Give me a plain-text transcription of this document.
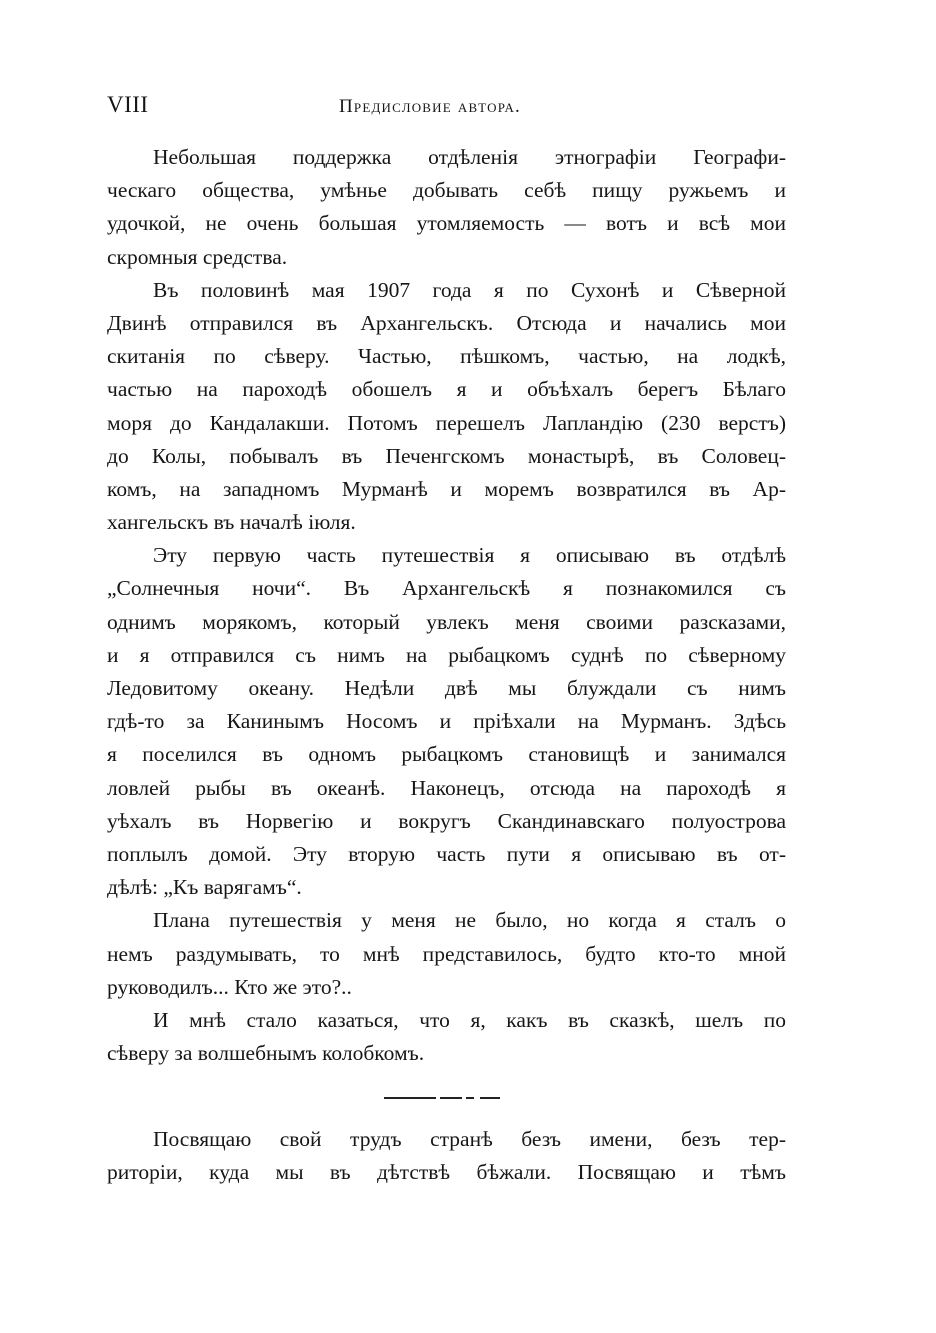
VIII	Предисловие автора.
Небольшая поддержка отдѣленія этнографіи Географи-
ческаго общества, умѣнье добывать себѣ пищу ружьемъ и
удочкой, не очень большая утомляемость — вотъ и всѣ мои
скромныя средства.
Въ половинѣ мая 1907 года я по Сухонѣ и Сѣверной
Двинѣ отправился въ Архангельскъ. Отсюда и начались мои
скитанія по сѣверу. Частью, пѣшкомъ, частью, на лодкѣ,
частью на пароходѣ обошелъ я и объѣхалъ берегъ Бѣлаго
моря до Кандалакши. Потомъ перешелъ Лапландію (230 верстъ)
до Колы, побывалъ въ Печенгскомъ монастырѣ, въ Соловец-
комъ, на западномъ Мурманѣ и моремъ возвратился въ Ар-
хангельскъ въ началѣ іюля.
Эту первую часть путешествія я описываю въ отдѣлѣ
„Солнечныя ночи“. Въ Архангельскѣ я познакомился съ
однимъ морякомъ, который увлекъ меня своими разсказами,
и я отправился съ нимъ на рыбацкомъ суднѣ по сѣверному
Ледовитому океану. Недѣли двѣ мы блуждали съ нимъ
гдѣ-то за Канинымъ Носомъ и пріѣхали на Мурманъ. Здѣсь
я поселился въ одномъ рыбацкомъ становищѣ и занимался
ловлей рыбы въ океанѣ. Наконецъ, отсюда на пароходѣ я
уѣхалъ въ Норвегію и вокругъ Скандинавскаго полуострова
поплылъ домой. Эту вторую часть пути я описываю въ от-
дѣлѣ: „Къ варягамъ“.
Плана путешествія у меня не было, но когда я сталъ о
немъ раздумывать, то мнѣ представилось, будто кто-то мной
руководилъ... Кто же это?..
И мнѣ стало казаться, что я, какъ въ сказкѣ, шелъ по
сѣверу за волшебнымъ колобкомъ.
Посвящаю свой трудъ странѣ безъ имени, безъ тер-
риторіи, куда мы въ дѣтствѣ бѣжали. Посвящаю и тѣмъ
